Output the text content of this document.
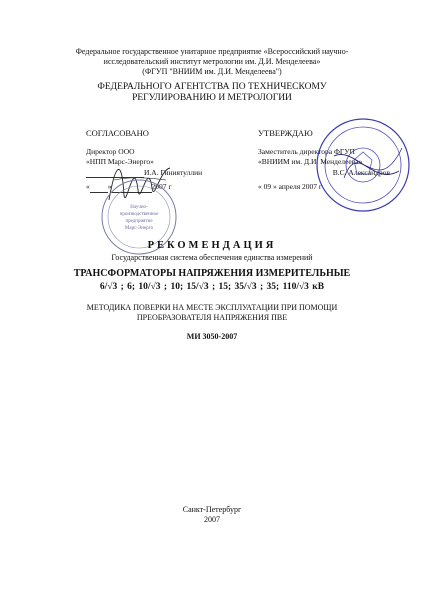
Федеральное государственное унитарное предприятие «Всероссийский научно-
исследовательский институт метрологии им. Д.И. Менделеева»
(ФГУП "ВНИИМ им. Д.И. Менделеева")
ФЕДЕРАЛЬНОГО АГЕНТСТВА ПО ТЕХНИЧЕСКОМУ
РЕГУЛИРОВАНИЮ И МЕТРОЛОГИИ
СОГЛАСОВАНО
Директор ООО
«НПП Марс-Энерго»
И.А. Гиниятуллин
« »	2007 г
Научно-
производственное
предприятие
Марс-Энерго
УТВЕРЖДАЮ
Заместитель директора ФГУП
«ВНИИМ им. Д.И. Менделеева»
В.С. Александров
« 09 » апреля 2007 г
РЕКОМЕНДАЦИЯ
Государственная система обеспечения единства измерений
ТРАНСФОРМАТОРЫ НАПРЯЖЕНИЯ ИЗМЕРИТЕЛЬНЫЕ
6/√3 ; 6; 10/√3 ; 10; 15/√3 ; 15; 35/√3 ; 35; 110/√3 кВ
МЕТОДИКА ПОВЕРКИ НА МЕСТЕ ЭКСПЛУАТАЦИИ ПРИ ПОМОЩИ
ПРЕОБРАЗОВАТЕЛЯ НАПРЯЖЕНИЯ ПВЕ
МИ 3050-2007
Санкт-Петербург
2007
